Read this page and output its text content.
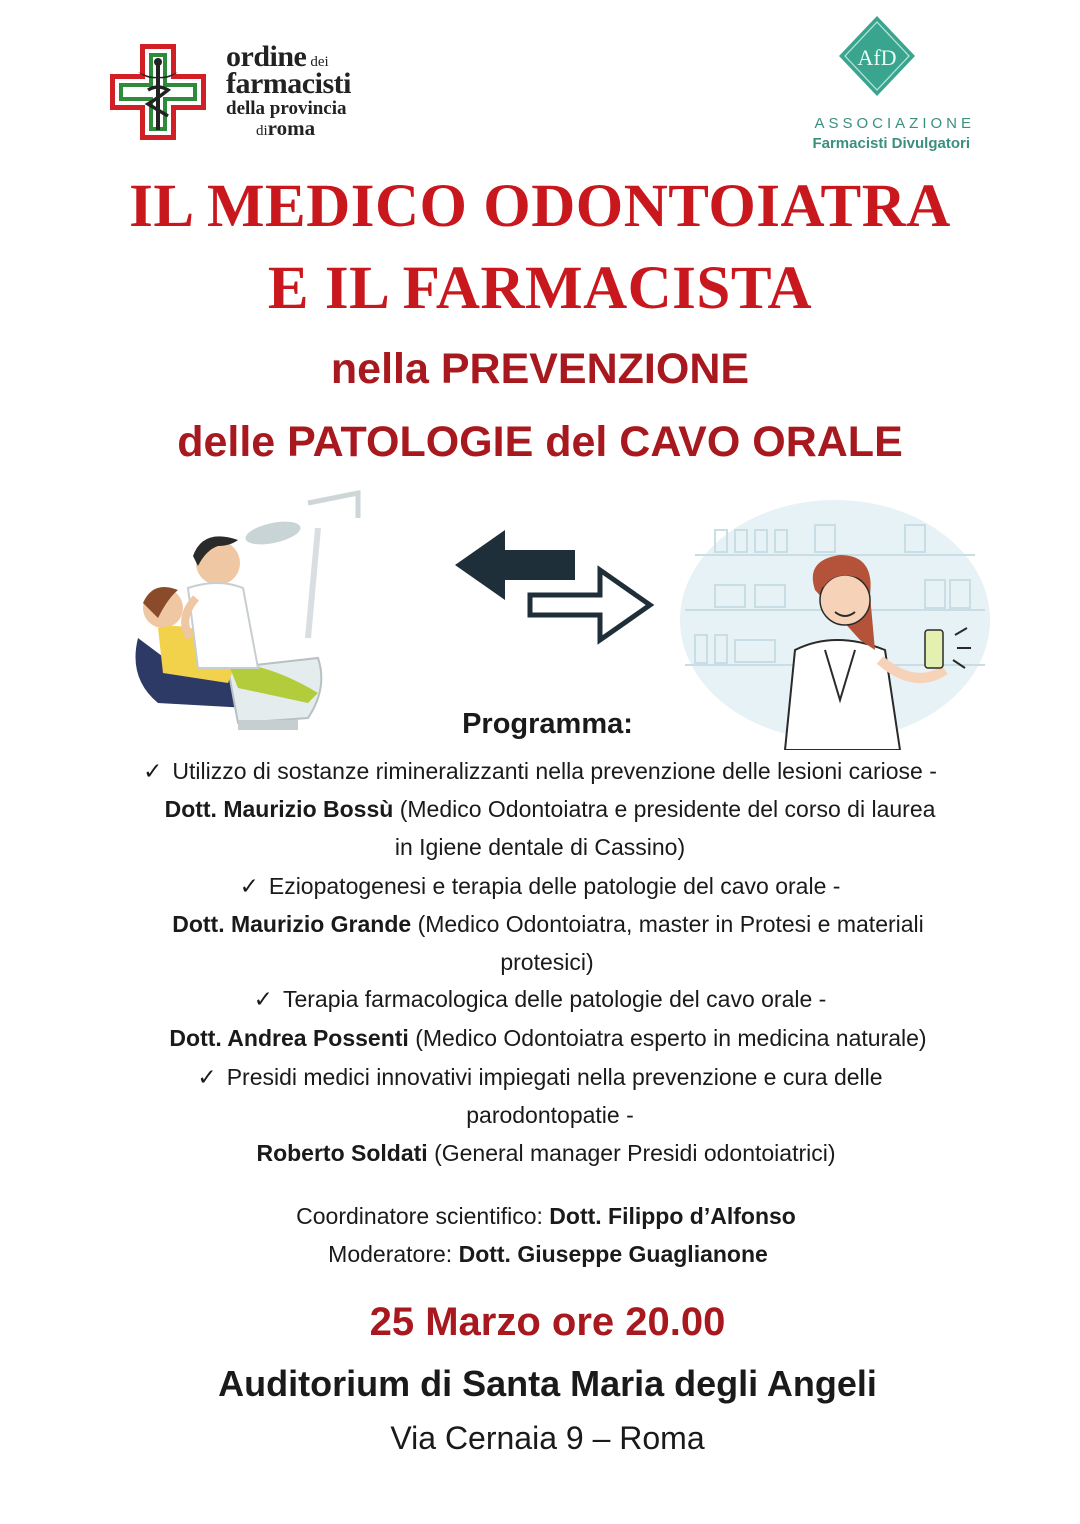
ordine dei
farmacisti
della provincia
diroma
AfD
ASSOCIAZIONE
Farmacisti Divulgatori
IL MEDICO ODONTOIATRA
E IL FARMACISTA
nella PREVENZIONE
delle PATOLOGIE del CAVO ORALE
Programma:
✓ Utilizzo di sostanze rimineralizzanti nella prevenzione delle lesioni cariose -
Dott. Maurizio Bossù (Medico Odontoiatra e presidente del corso di laurea
in Igiene dentale di Cassino)
✓ Eziopatogenesi e terapia delle patologie del cavo orale -
Dott. Maurizio Grande (Medico Odontoiatra, master in Protesi e materiali
protesici)
✓ Terapia farmacologica delle patologie del cavo orale -
Dott. Andrea Possenti (Medico Odontoiatra esperto in medicina naturale)
✓ Presidi medici innovativi impiegati nella prevenzione e cura delle
parodontopatie -
Roberto Soldati (General manager Presidi odontoiatrici)
Coordinatore scientifico: Dott. Filippo d’Alfonso
Moderatore: Dott. Giuseppe Guaglianone
25 Marzo ore 20.00
Auditorium di Santa Maria degli Angeli
Via Cernaia 9 – Roma
